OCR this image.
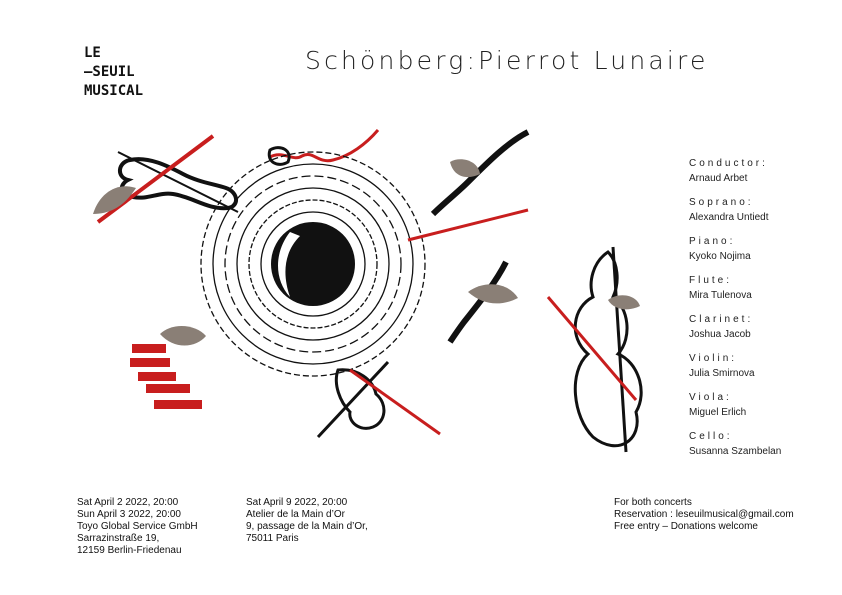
LE
—SEUIL
MUSICAL
Schönberg:Pierrot Lunaire
Conductor:
Arnaud Arbet
Soprano:
Alexandra Untiedt
Piano:
Kyoko Nojima
Flute:
Mira Tulenova
Clarinet:
Joshua Jacob
Violin:
Julia Smirnova
Viola:
Miguel Erlich
Cello:
Susanna Szambelan
Sat April 2 2022, 20:00
Sun April 3 2022, 20:00
Toyo Global Service GmbH
Sarrazinstraße 19,
12159 Berlin-Friedenau
Sat April 9 2022, 20:00
Atelier de la Main d’Or
9, passage de la Main d’Or,
75011 Paris
For both concerts
Reservation : leseuilmusical@gmail.com
Free entry – Donations welcome
